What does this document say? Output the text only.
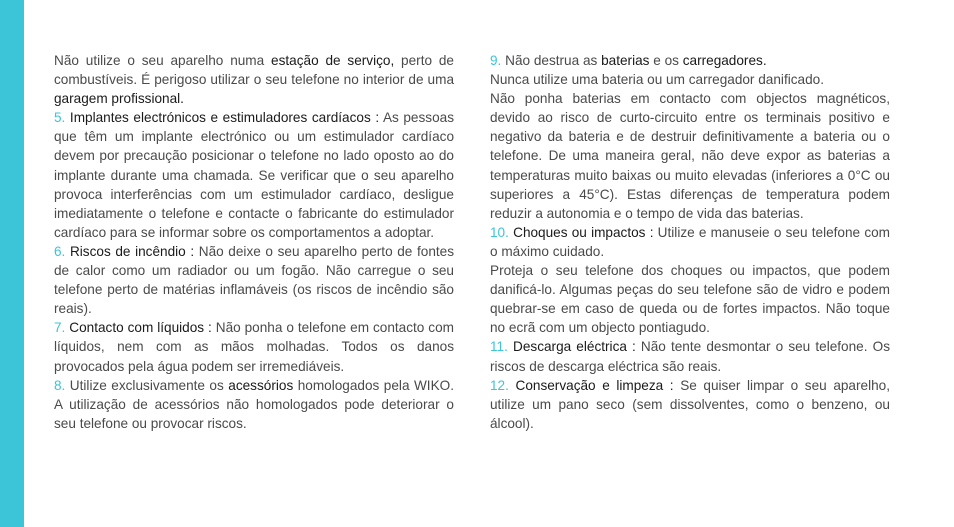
Não utilize o seu aparelho numa estação de serviço, perto de combustíveis. É perigoso utilizar o seu telefone no interior de uma garagem profissional.

5. Implantes electrónicos e estimuladores cardíacos : As pessoas que têm um implante electrónico ou um estimulador cardíaco devem por precaução posicionar o telefone no lado oposto ao do implante durante uma chamada. Se verificar que o seu aparelho provoca interferências com um estimulador cardíaco, desligue imediatamente o telefone e contacte o fabricante do estimulador cardíaco para se informar sobre os comportamentos a adoptar.

6. Riscos de incêndio : Não deixe o seu aparelho perto de fontes de calor como um radiador ou um fogão. Não carregue o seu telefone perto de matérias inflamáveis (os riscos de incêndio são reais).

7. Contacto com líquidos : Não ponha o telefone em contacto com líquidos, nem com as mãos molhadas. Todos os danos provocados pela água podem ser irremediáveis.

8. Utilize exclusivamente os acessórios homologados pela WIKO. A utilização de acessórios não homologados pode deteriorar o seu telefone ou provocar riscos.

9. Não destrua as baterias e os carregadores.

Nunca utilize uma bateria ou um carregador danificado.

Não ponha baterias em contacto com objectos magnéticos, devido ao risco de curto-circuito entre os terminais positivo e negativo da bateria e de destruir definitivamente a bateria ou o telefone. De uma maneira geral, não deve expor as baterias a temperaturas muito baixas ou muito elevadas (inferiores a 0°C ou superiores a 45°C). Estas diferenças de temperatura podem reduzir a autonomia e o tempo de vida das baterias.

10. Choques ou impactos : Utilize e manuseie o seu telefone com o máximo cuidado.

Proteja o seu telefone dos choques ou impactos, que podem danificá-lo. Algumas peças do seu telefone são de vidro e podem quebrar-se em caso de queda ou de fortes impactos. Não toque no ecrã com um objecto pontiagudo.

11. Descarga eléctrica : Não tente desmontar o seu telefone. Os riscos de descarga eléctrica são reais.

12. Conservação e limpeza : Se quiser limpar o seu aparelho, utilize um pano seco (sem dissolventes, como o benzeno, ou álcool).
